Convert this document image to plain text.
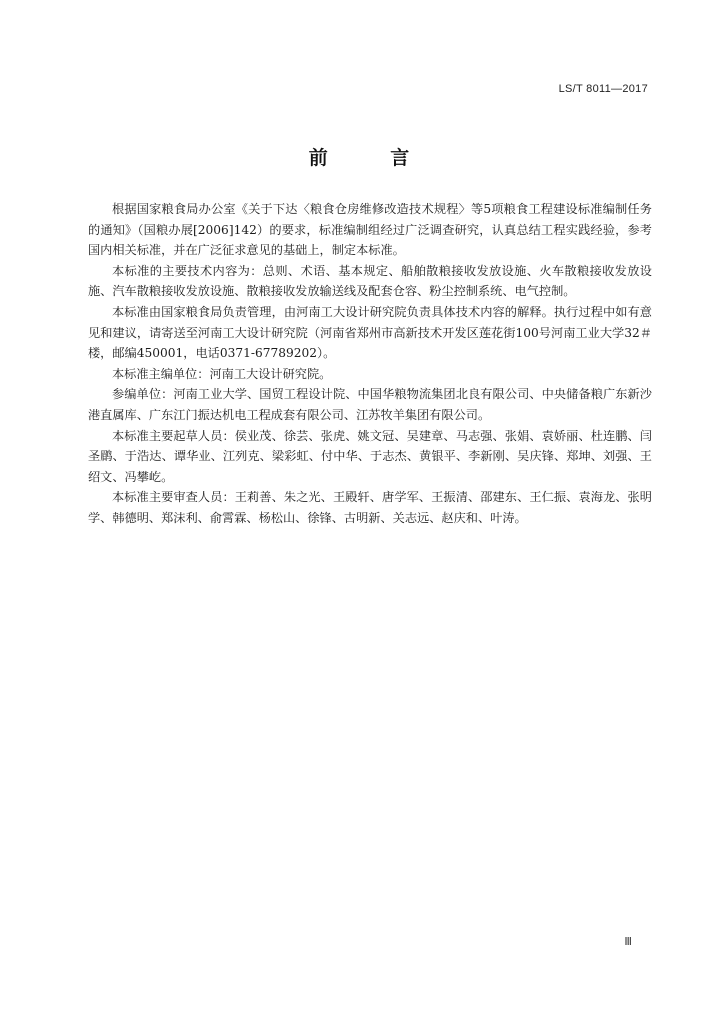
LS/T 8011—2017
前 言

根据国家粮食局办公室《关于下达〈粮食仓房维修改造技术规程〉等5项粮食工程建设标准编制任务的通知》（国粮办展[2006]142）的要求，标准编制组经过广泛调查研究，认真总结工程实践经验，参考国内相关标准，并在广泛征求意见的基础上，制定本标准。

本标准的主要技术内容为：总则、术语、基本规定、船舶散粮接收发放设施、火车散粮接收发放设施、汽车散粮接收发放设施、散粮接收发放输送线及配套仓容、粉尘控制系统、电气控制。

本标准由国家粮食局负责管理，由河南工大设计研究院负责具体技术内容的解释。执行过程中如有意见和建议，请寄送至河南工大设计研究院（河南省郑州市高新技术开发区莲花街100号河南工业大学32＃楼，邮编450001，电话0371-67789202）。

本标准主编单位：河南工大设计研究院。

参编单位：河南工业大学、国贸工程设计院、中国华粮物流集团北良有限公司、中央储备粮广东新沙港直属库、广东江门振达机电工程成套有限公司、江苏牧羊集团有限公司。

本标准主要起草人员：侯业茂、徐芸、张虎、姚文冠、吴建章、马志强、张娟、袁娇丽、杜连鹏、闫圣鹛、于浩达、谭华业、江列克、梁彩虹、付中华、于志杰、黄银平、李新刚、吴庆锋、郑坤、刘强、王绍文、冯攀屹。

本标准主要审查人员：王莉善、朱之光、王殿轩、唐学军、王振清、邵建东、王仁振、袁海龙、张明学、韩德明、郑沫利、俞霄霖、杨松山、徐锋、古明新、关志远、赵庆和、叶涛。

Ⅲ
